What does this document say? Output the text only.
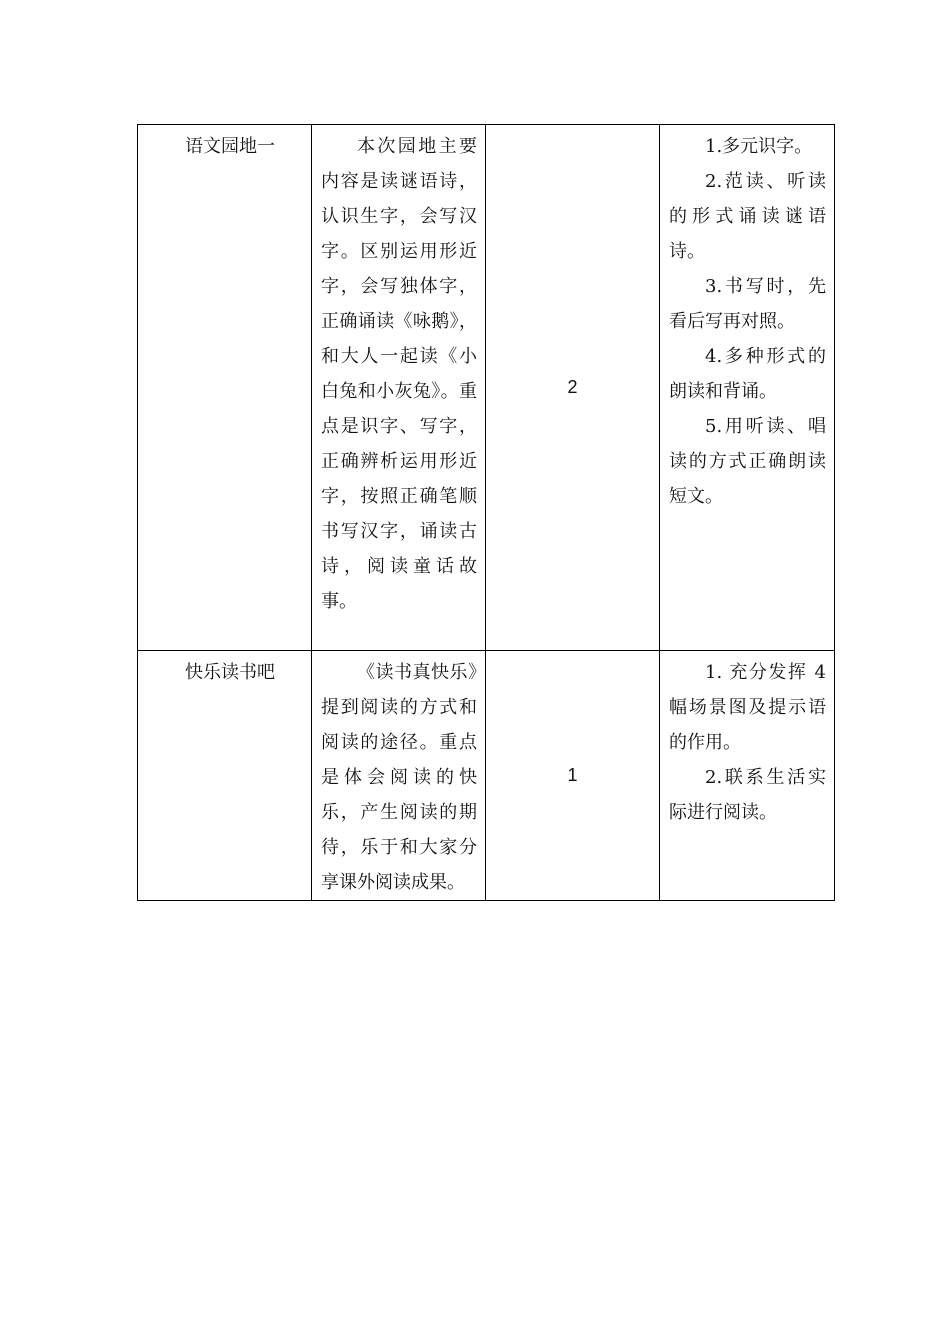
语文园地一	本次园地主要内容是读谜语诗，认识生字，会写汉字。区别运用形近字，会写独体字，正确诵读《咏鹅》，和大人一起读《小白兔和小灰兔》。重点是识字、写字，正确辨析运用形近字，按照正确笔顺书写汉字，诵读古诗，阅读童话故事。	2	1.多元识字。

2.范读、听读的形式诵读谜语诗。

3.书写时，先看后写再对照。

4.多种形式的朗读和背诵。

5.用听读、唱读的方式正确朗读短文。

快乐读书吧	《读书真快乐》提到阅读的方式和阅读的途径。重点是体会阅读的快乐，产生阅读的期待，乐于和大家分享课外阅读成果。	1	1. 充分发挥 4 幅场景图及提示语的作用。

2.联系生活实际进行阅读。
